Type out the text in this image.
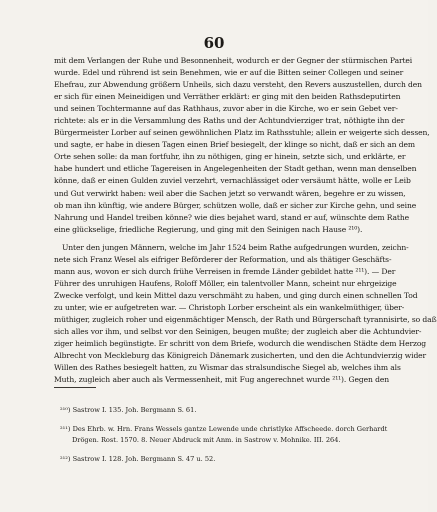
60
mit dem Verlangen der Ruhe und Besonnenheit, wodurch er der Gegner der stürmischen Partei
wurde. Edel und rührend ist sein Benehmen, wie er auf die Bitten seiner Collegen und seiner
Ehefrau, zur Abwendung größern Unheils, sich dazu versteht, den Revers auszustellen, durch den
er sich für einen Meineidigen und Verräther erklärt: er ging mit den beiden Rathsdeputirten
und seinen Tochtermanne auf das Rathhaus, zuvor aber in die Kirche, wo er sein Gebet ver-
richtete: als er in die Versammlung des Raths und der Achtundvierziger trat, nöthigte ihn der
Bürgermeister Lorber auf seinen gewöhnlichen Platz im Rathsstuhle; allein er weigerte sich dessen,
und sagte, er habe in diesen Tagen einen Brief besiegelt, der klinge so nicht, daß er sich an dem
Orte sehen solle: da man fortfuhr, ihn zu nöthigen, ging er hinein, setzte sich, und erklärte, er
habe hundert und etliche Tagereisen in Angelegenheiten der Stadt gethan, wenn man denselben
könne, daß er einen Gulden zuviel verzehrt, vernachlässiget oder versäumt hätte, wolle er Leib
und Gut verwirkt haben: weil aber die Sachen jetzt so verwandt wären, begehre er zu wissen,
ob man ihn künftig, wie andere Bürger, schützen wolle, daß er sicher zur Kirche gehn, und seine
Nahrung und Handel treiben könne? wie dies bejahet ward, stand er auf, wünschte dem Rathe
eine glückselige, friedliche Regierung, und ging mit den Seinigen nach Hause ²¹⁰).
Unter den jungen Männern, welche im Jahr 1524 beim Rathe aufgedrungen wurden, zeichn-
nete sich Franz Wesel als eifriger Beförderer der Reformation, und als thätiger Geschäfts-
mann aus, wovon er sich durch frühe Verreisen in fremde Länder gebildet hatte ²¹¹). — Der
Führer des unruhigen Haufens, Roloff Möller, ein talentvoller Mann, scheint nur ehrgeizige
Zwecke verfolgt, und kein Mittel dazu verschmäht zu haben, und ging durch einen schnellen Tod
zu unter, wie er aufgetreten war. — Christoph Lorber erscheint als ein wankelmüthiger, über-
müthiger, zugleich roher und eigenmächtiger Mensch, der Rath und Bürgerschaft tyrannisirte, so daß
sich alles vor ihm, und selbst vor den Seinigen, beugen mußte; der zugleich aber die Achtundvier-
ziger heimlich begünstigte. Er schritt von dem Briefe, wodurch die wendischen Städte dem Herzog
Albrecht von Meckleburg das Königreich Dänemark zusicherten, und den die Achtundvierzig wider
Willen des Rathes besiegelt hatten, zu Wismar das stralsundische Siegel ab, welches ihm als
Muth, zugleich aber auch als Vermessenheit, mit Fug angerechnet wurde ²¹¹). Gegen den
²¹⁰) Sastrow I. 135. Joh. Bergmann S. 61.
²¹¹) Des Ehrb. w. Hrn. Frans Wessels gantze Lewende unde christlyke Affscheede. dorch Gerhardt
Drögen. Rost. 1570. 8. Neuer Abdruck mit Anm. in Sastrow v. Mohnike. III. 264.
²¹²) Sastrow I. 128. Joh. Bergmann S. 47 u. 52.
